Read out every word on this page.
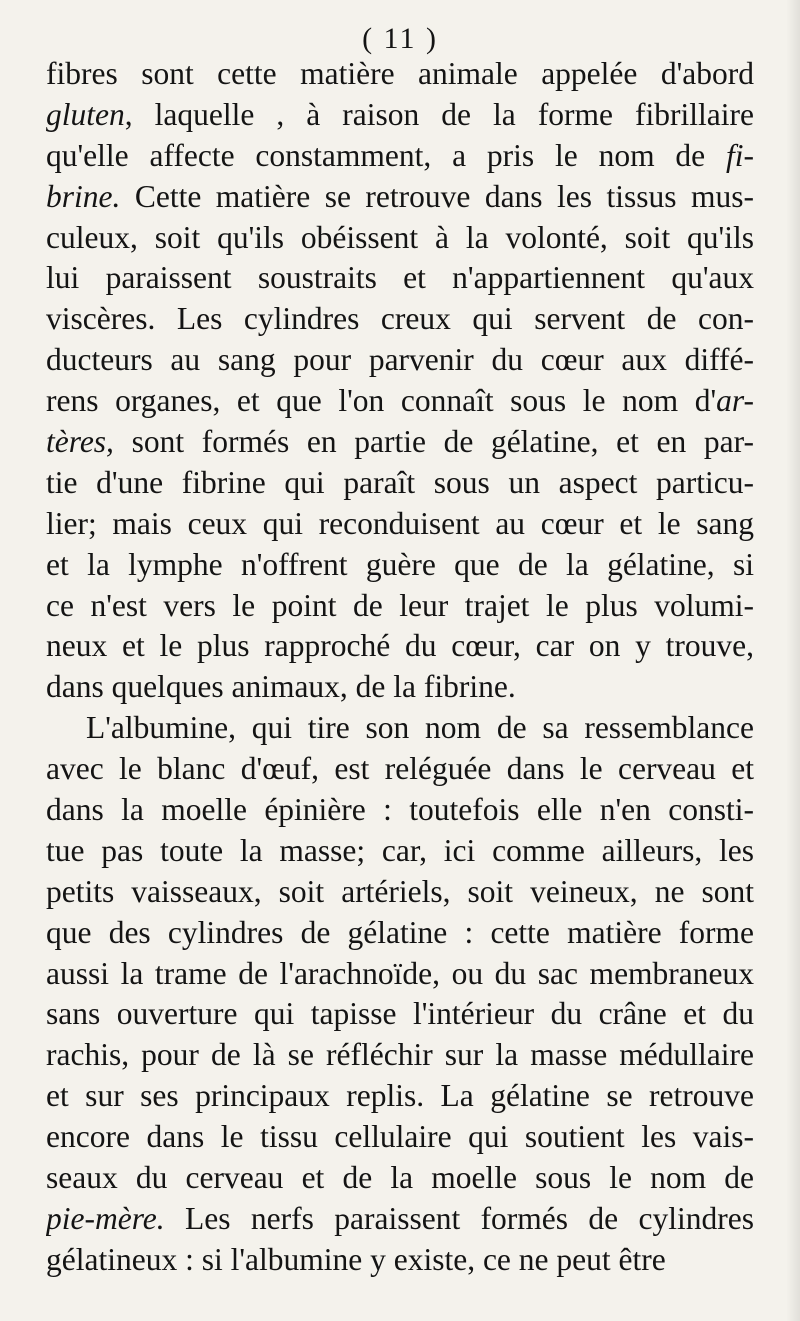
( 11 )
fibres sont cette matière animale appelée d'abord
gluten, laquelle , à raison de la forme fibrillaire
qu'elle affecte constamment, a pris le nom de fi-
brine. Cette matière se retrouve dans les tissus mus-
culeux, soit qu'ils obéissent à la volonté, soit qu'ils
lui paraissent soustraits et n'appartiennent qu'aux
viscères. Les cylindres creux qui servent de con-
ducteurs au sang pour parvenir du cœur aux diffé-
rens organes, et que l'on connaît sous le nom d'ar-
tères, sont formés en partie de gélatine, et en par-
tie d'une fibrine qui paraît sous un aspect particu-
lier; mais ceux qui reconduisent au cœur et le sang
et la lymphe n'offrent guère que de la gélatine, si
ce n'est vers le point de leur trajet le plus volumi-
neux et le plus rapproché du cœur, car on y trouve,
dans quelques animaux, de la fibrine.
L'albumine, qui tire son nom de sa ressemblance
avec le blanc d'œuf, est reléguée dans le cerveau et
dans la moelle épinière : toutefois elle n'en consti-
tue pas toute la masse; car, ici comme ailleurs, les
petits vaisseaux, soit artériels, soit veineux, ne sont
que des cylindres de gélatine : cette matière forme
aussi la trame de l'arachnoïde, ou du sac membraneux
sans ouverture qui tapisse l'intérieur du crâne et du
rachis, pour de là se réfléchir sur la masse médullaire
et sur ses principaux replis. La gélatine se retrouve
encore dans le tissu cellulaire qui soutient les vais-
seaux du cerveau et de la moelle sous le nom de
pie-mère. Les nerfs paraissent formés de cylindres
gélatineux : si l'albumine y existe, ce ne peut être
